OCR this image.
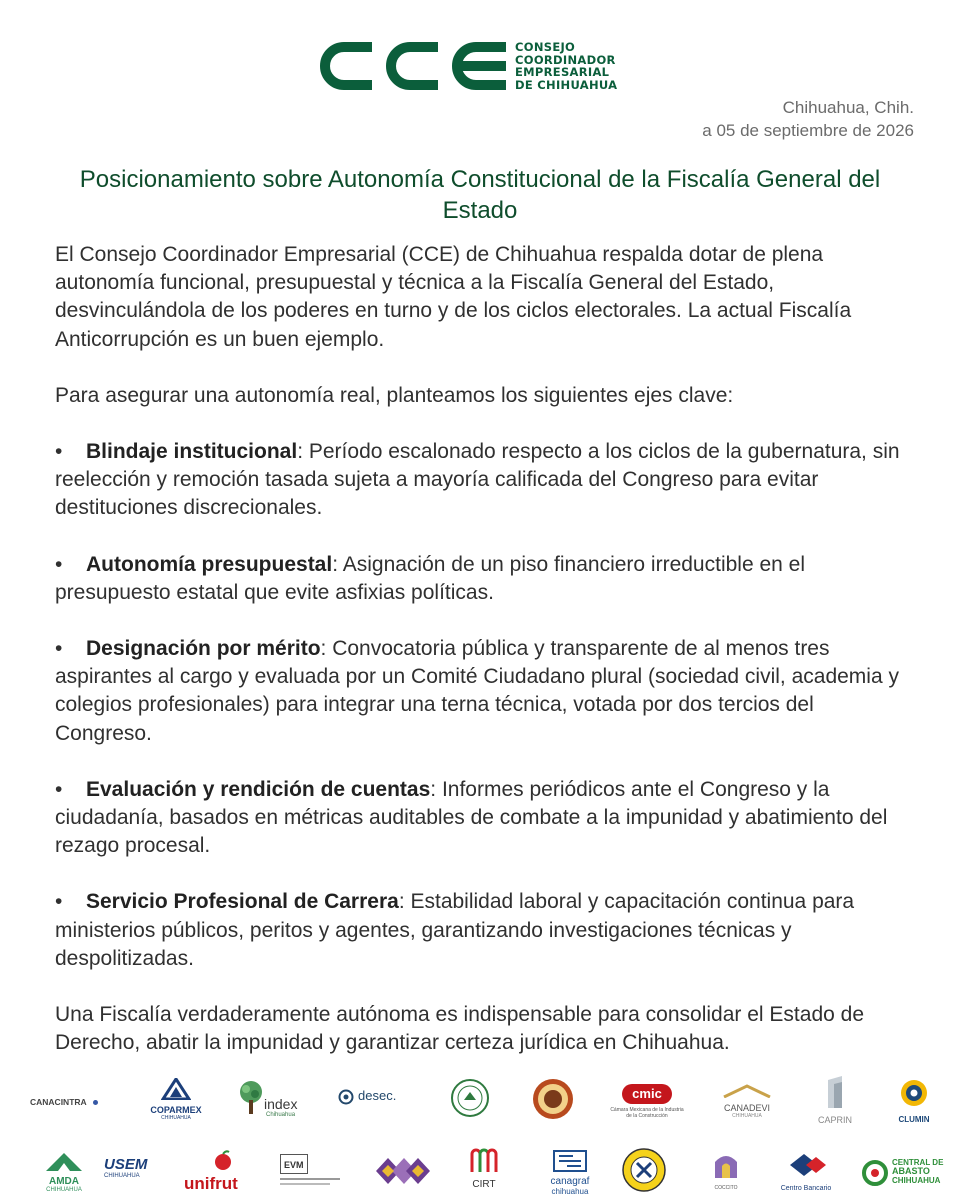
CONSEJO
COORDINADOR
EMPRESARIAL
DE CHIHUAHUA
Chihuahua, Chih.
a 05 de septiembre de 2026
Posicionamiento sobre Autonomía Constitucional de la Fiscalía General del Estado

El Consejo Coordinador Empresarial (CCE) de Chihuahua respalda dotar de plena autonomía funcional, presupuestal y técnica a la Fiscalía General del Estado, desvinculándola de los poderes en turno y de los ciclos electorales. La actual Fiscalía Anticorrupción es un buen ejemplo.

Para asegurar una autonomía real, planteamos los siguientes ejes clave:

• Blindaje institucional: Período escalonado respecto a los ciclos de la gubernatura, sin reelección y remoción tasada sujeta a mayoría calificada del Congreso para evitar destituciones discrecionales.
• Autonomía presupuestal: Asignación de un piso financiero irreductible en el presupuesto estatal que evite asfixias políticas.
• Designación por mérito: Convocatoria pública y transparente de al menos tres aspirantes al cargo y evaluada por un Comité Ciudadano plural (sociedad civil, academia y colegios profesionales) para integrar una terna técnica, votada por dos tercios del Congreso.
• Evaluación y rendición de cuentas: Informes periódicos ante el Congreso y la ciudadanía, basados en métricas auditables de combate a la impunidad y abatimiento del rezago procesal.
• Servicio Profesional de Carrera: Estabilidad laboral y capacitación continua para ministerios públicos, peritos y agentes, garantizando investigaciones técnicas y despolitizadas.

Una Fiscalía verdaderamente autónoma es indispensable para consolidar el Estado de Derecho, abatir la impunidad y garantizar certeza jurídica en Chihuahua.

CANACINTRA
COPARMEX
CHIHUAHUA
index
Chihuahua
desec.	cmic
Cámara Mexicana de la Industria de la Construcción
CANADEVI
CHIHUAHUA	CAPRIN	CLUMIN
AMDA
CHIHUAHUA
USEM
CHIHUAHUA	unifrut
EVM
CIRT	canagraf
chihuahua	COCCITO	Centro Bancario
CENTRAL DE
ABASTO
CHIHUAHUA
